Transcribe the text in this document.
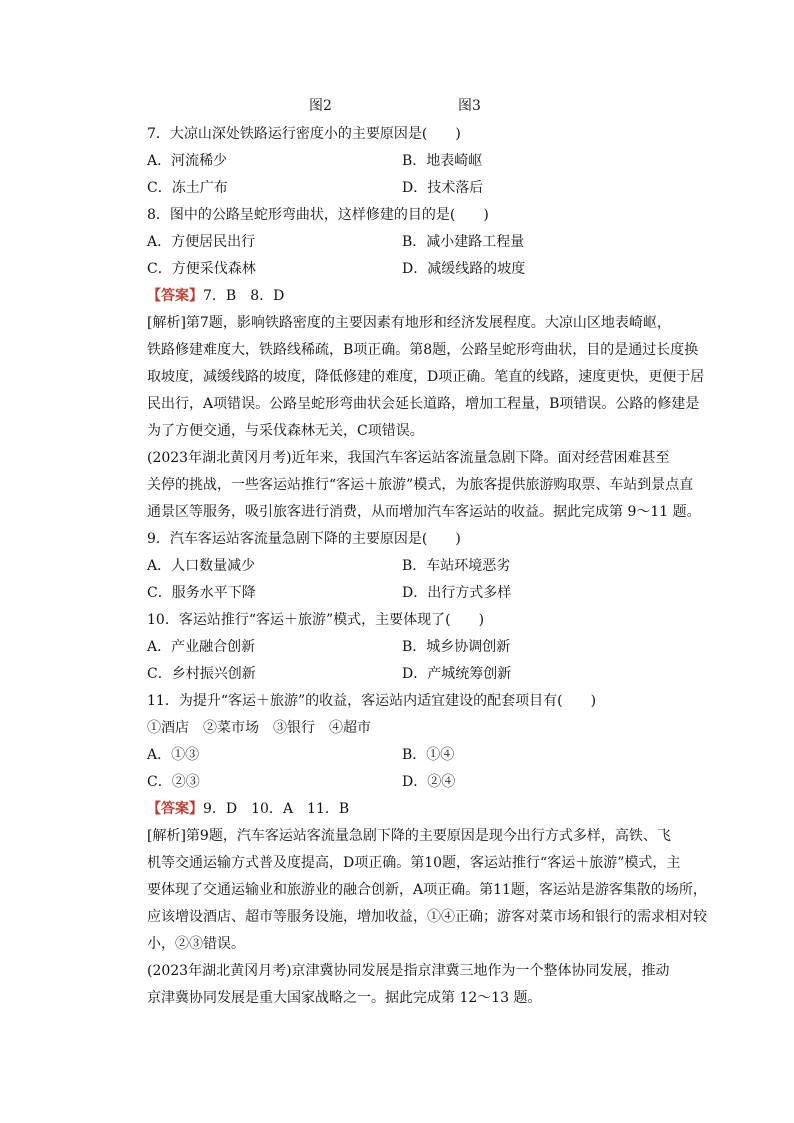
图2	图3
7．大凉山深处铁路运行密度小的主要原因是(　　)
A．河流稀少	B．地表崎岖
C．冻土广布	D．技术落后
8．图中的公路呈蛇形弯曲状，这样修建的目的是(　　)
A．方便居民出行	B．减小建路工程量
C．方便采伐森林	D．减缓线路的坡度
【答案】7．B　8．D
[解析]第7题，影响铁路密度的主要因素有地形和经济发展程度。大凉山区地表崎岖，
铁路修建难度大，铁路线稀疏，B项正确。第8题，公路呈蛇形弯曲状，目的是通过长度换
取坡度，减缓线路的坡度，降低修建的难度，D项正确。笔直的线路，速度更快，更便于居
民出行，A项错误。公路呈蛇形弯曲状会延长道路，增加工程量，B项错误。公路的修建是
为了方便交通，与采伐森林无关，C项错误。
(2023年湖北黄冈月考)近年来，我国汽车客运站客流量急剧下降。面对经营困难甚至
关停的挑战，一些客运站推行“客运＋旅游”模式，为旅客提供旅游购取票、车站到景点直
通景区等服务，吸引旅客进行消费，从而增加汽车客运站的收益。据此完成第 9～11 题。
9．汽车客运站客流量急剧下降的主要原因是(　　)
A．人口数量减少	B．车站环境恶劣
C．服务水平下降	D．出行方式多样
10．客运站推行“客运＋旅游”模式，主要体现了(　　)
A．产业融合创新	B．城乡协调创新
C．乡村振兴创新	D．产城统筹创新
11．为提升“客运＋旅游”的收益，客运站内适宜建设的配套项目有(　　)
①酒店　②菜市场　③银行　④超市
A．①③	B．①④
C．②③	D．②④
【答案】9．D　10．A　11．B
[解析]第9题，汽车客运站客流量急剧下降的主要原因是现今出行方式多样，高铁、飞
机等交通运输方式普及度提高，D项正确。第10题，客运站推行“客运＋旅游”模式，主
要体现了交通运输业和旅游业的融合创新，A项正确。第11题，客运站是游客集散的场所，
应该增设酒店、超市等服务设施，增加收益，①④正确；游客对菜市场和银行的需求相对较
小，②③错误。
(2023年湖北黄冈月考)京津冀协同发展是指京津冀三地作为一个整体协同发展，推动
京津冀协同发展是重大国家战略之一。据此完成第 12～13 题。
